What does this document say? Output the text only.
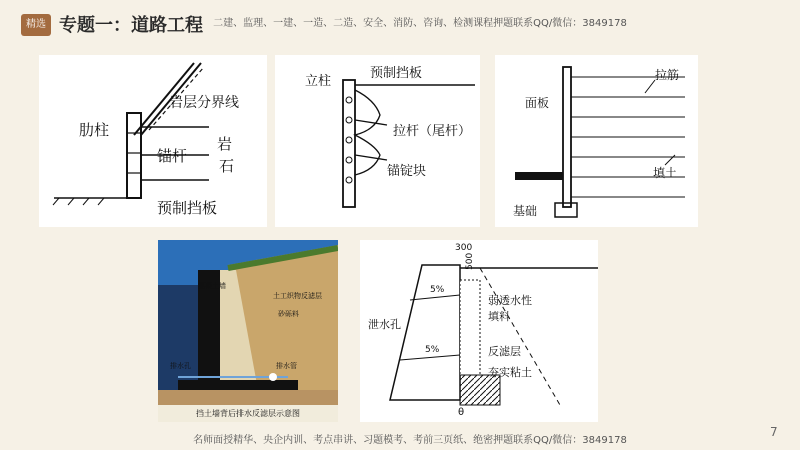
精选 专题一：道路工程	二建、监理、一建、一造、二造、安全、消防、咨询、检测课程押题联系QQ/微信：3849178
肋柱
岩层分界线
锚杆
岩
石
预制挡板
立柱
预制挡板
拉杆（尾杆）
锚锭块
面板
拉筋
填土
基础
混凝土墙
土工织物反滤层
砂砾料
排水孔	排水管
挡土墙背后排水反滤层示意图
300
500
5%
5%
泄水孔
弱透水性
填料
反滤层
夯实粘土
θ
名师面授精华、央企内训、考点串讲、习题模考、考前三页纸、绝密押题联系QQ/微信：3849178
7
